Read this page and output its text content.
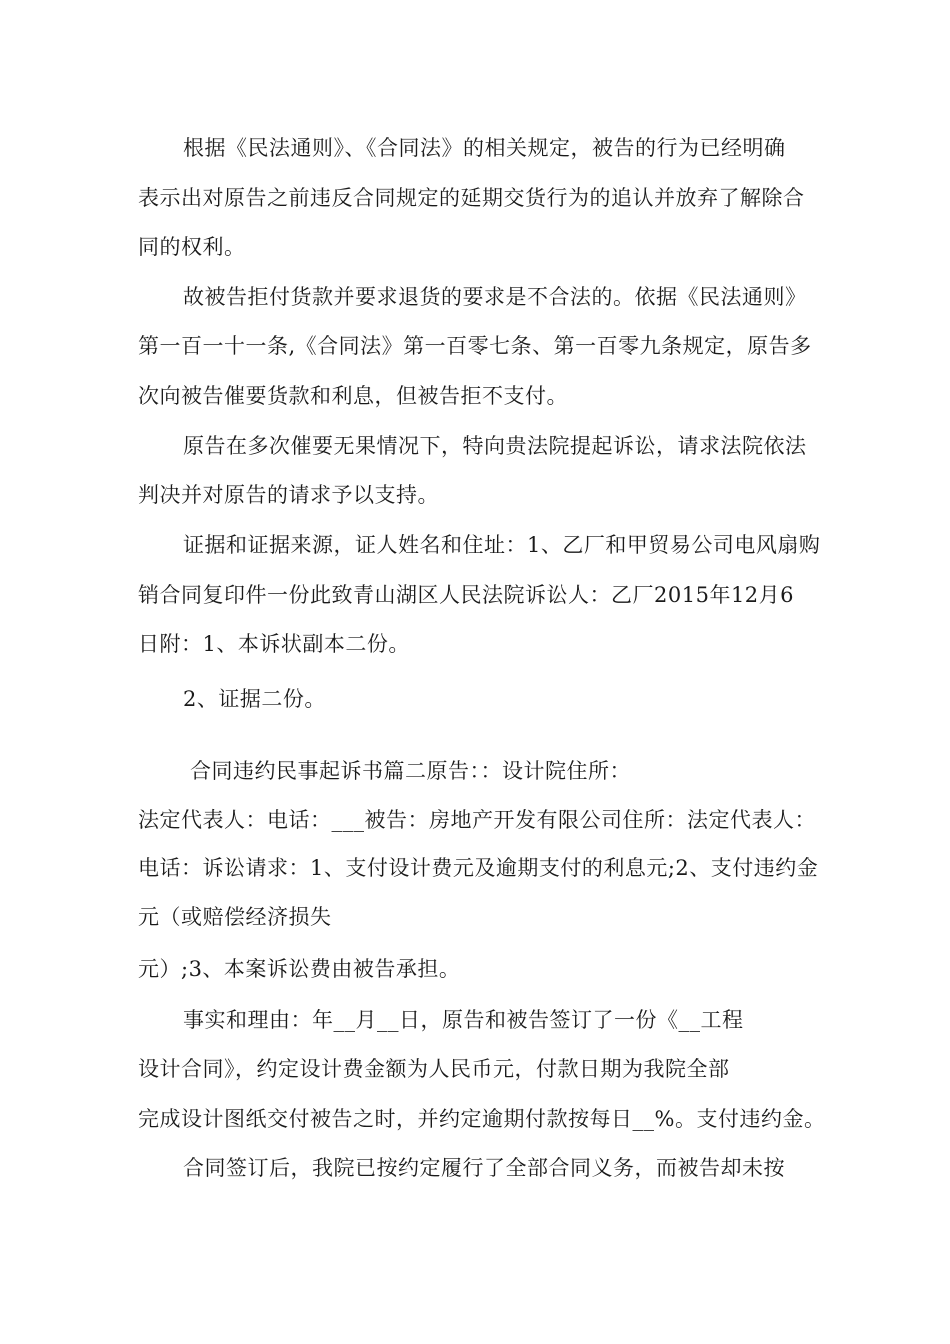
根据《民法通则》、《合同法》的相关规定，被告的行为已经明确
表示出对原告之前违反合同规定的延期交货行为的追认并放弃了解除合
同的权利。
故被告拒付货款并要求退货的要求是不合法的。依据《民法通则》
第一百一十一条,《合同法》第一百零七条、第一百零九条规定，原告多
次向被告催要货款和利息，但被告拒不支付。
原告在多次催要无果情况下，特向贵法院提起诉讼，请求法院依法
判决并对原告的请求予以支持。
证据和证据来源，证人姓名和住址：1、乙厂和甲贸易公司电风扇购
销合同复印件一份此致青山湖区人民法院诉讼人：乙厂2015年12月6
日附：1、本诉状副本二份。
2、证据二份。
合同违约民事起诉书篇二原告：：设计院住所：
法定代表人：电话：___被告：房地产开发有限公司住所：法定代表人：
电话：诉讼请求：1、支付设计费元及逾期支付的利息元;2、支付违约金
元（或赔偿经济损失
元）;3、本案诉讼费由被告承担。
事实和理由：年__月__日，原告和被告签订了一份《__工程
设计合同》，约定设计费金额为人民币元，付款日期为我院全部
完成设计图纸交付被告之时，并约定逾期付款按每日__%。支付违约金。
合同签订后，我院已按约定履行了全部合同义务，而被告却未按
